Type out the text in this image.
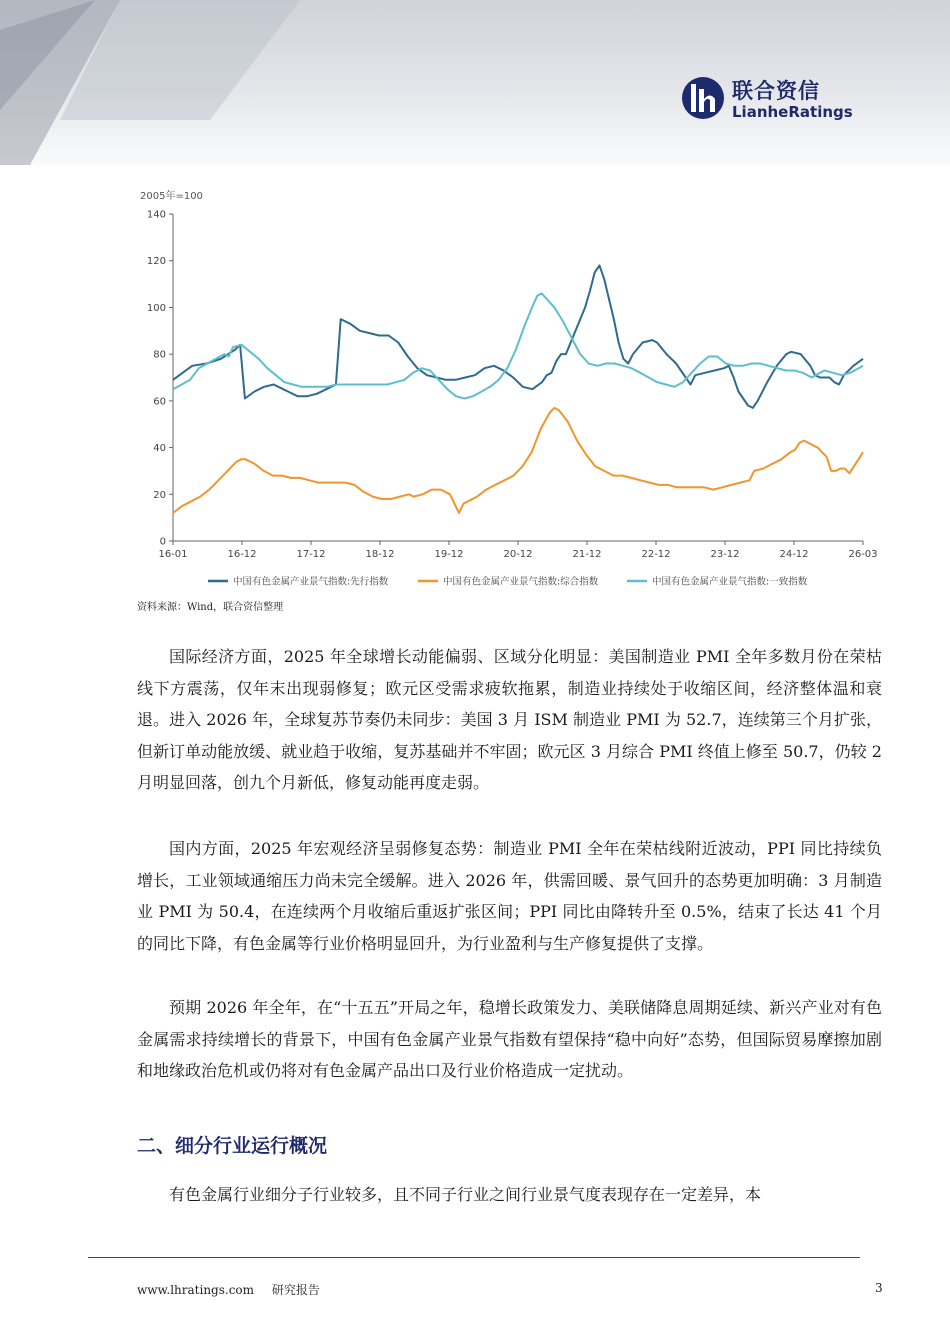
联合资信
LianheRatings
2005年=100
0
20
40
60
80
100
120
140
16-01	16-12	17-12	18-12	19-12	20-12	21-12	22-12	23-12	24-12	26-03
中国有色金属产业景气指数:先行指数	中国有色金属产业景气指数:综合指数	中国有色金属产业景气指数:一致指数
资料来源：Wind，联合资信整理

国际经济方面，2025 年全球增长动能偏弱、区域分化明显：美国制造业 PMI 全年多数月份在荣枯线下方震荡，仅年末出现弱修复；欧元区受需求疲软拖累，制造业持续处于收缩区间，经济整体温和衰退。进入 2026 年，全球复苏节奏仍未同步：美国 3 月 ISM 制造业 PMI 为 52.7，连续第三个月扩张，但新订单动能放缓、就业趋于收缩，复苏基础并不牢固；欧元区 3 月综合 PMI 终值上修至 50.7，仍较 2 月明显回落，创九个月新低，修复动能再度走弱。

国内方面，2025 年宏观经济呈弱修复态势：制造业 PMI 全年在荣枯线附近波动，PPI 同比持续负增长，工业领域通缩压力尚未完全缓解。进入 2026 年，供需回暖、景气回升的态势更加明确：3 月制造业 PMI 为 50.4，在连续两个月收缩后重返扩张区间；PPI 同比由降转升至 0.5%，结束了长达 41 个月的同比下降，有色金属等行业价格明显回升，为行业盈利与生产修复提供了支撑。

预期 2026 年全年，在“十五五”开局之年，稳增长政策发力、美联储降息周期延续、新兴产业对有色金属需求持续增长的背景下，中国有色金属产业景气指数有望保持“稳中向好”态势，但国际贸易摩擦加剧和地缘政治危机或仍将对有色金属产品出口及行业价格造成一定扰动。

二、细分行业运行概况

有色金属行业细分子行业较多，且不同子行业之间行业景气度表现存在一定差异，本

www.lhratings.com 研究报告	3
